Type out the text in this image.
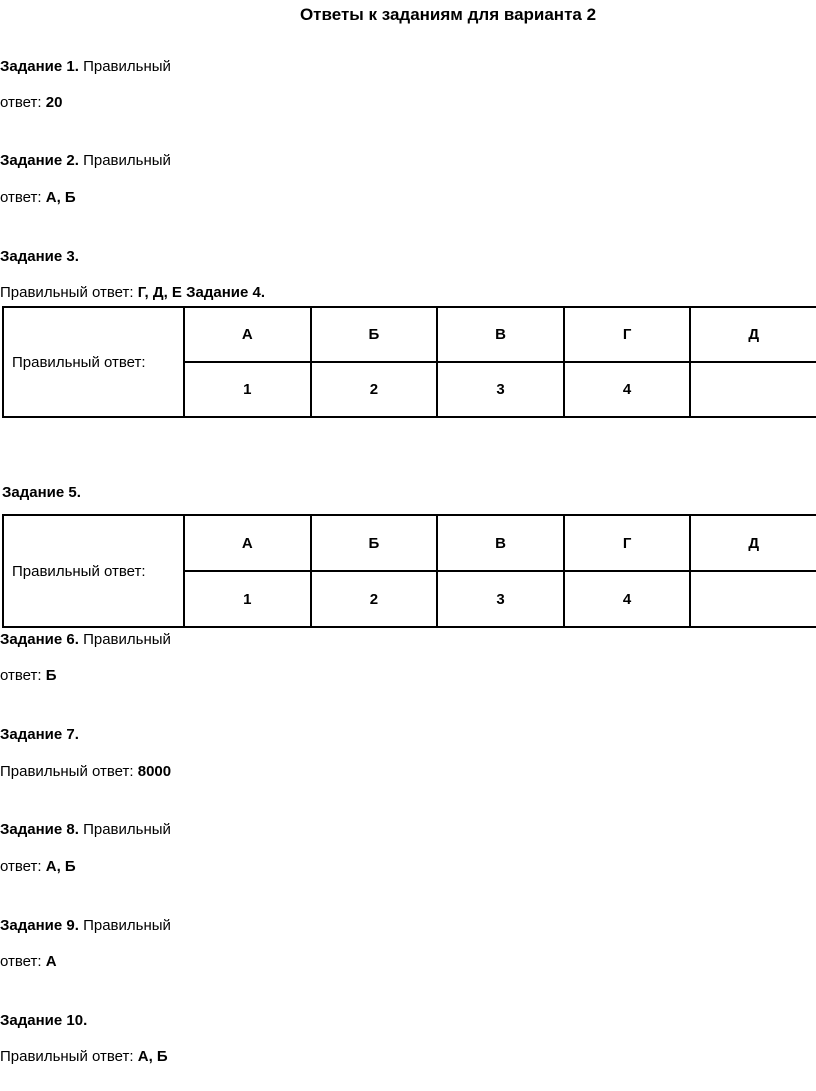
Ответы к заданиям для варианта 2
Задание 1. Правильный
ответ: 20
Задание 2. Правильный
ответ: А, Б
Задание 3.
Правильный ответ: Г, Д, Е Задание 4.
Правильный ответ:	А	Б	В	Г	Д
	1	2	3	4	
Задание 5.
Правильный ответ:	А	Б	В	Г	Д
	1	2	3	4	
Задание 6. Правильный
ответ: Б
Задание 7.
Правильный ответ: 8000
Задание 8. Правильный
ответ: А, Б
Задание 9. Правильный
ответ: А
Задание 10.
Правильный ответ: А, Б
